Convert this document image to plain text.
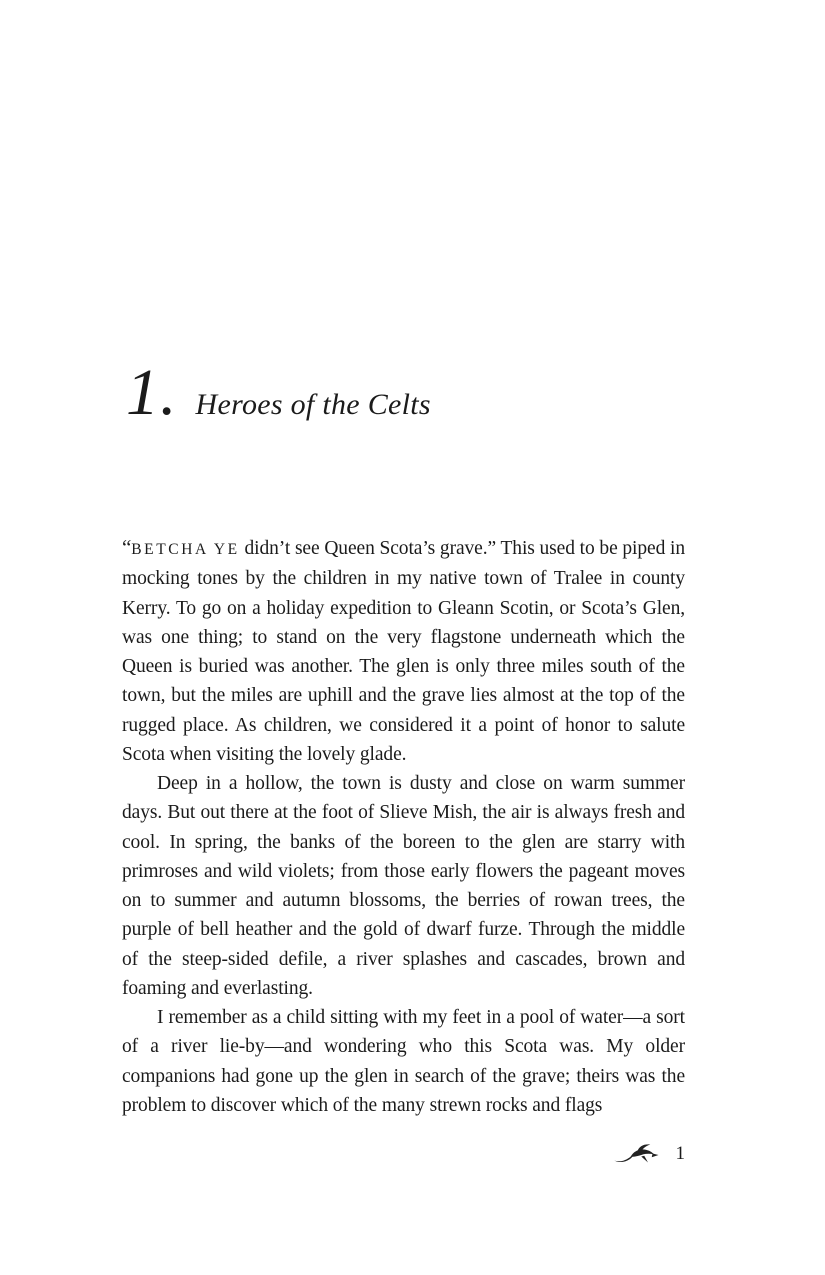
1. Heroes of the Celts

“BETCHA YE didn’t see Queen Scota’s grave.” This used to be piped in mocking tones by the children in my native town of Tralee in county Kerry. To go on a holiday expedition to Gleann Scotin, or Scota’s Glen, was one thing; to stand on the very flagstone underneath which the Queen is buried was another. The glen is only three miles south of the town, but the miles are uphill and the grave lies almost at the top of the rugged place. As children, we considered it a point of honor to salute Scota when visiting the lovely glade.

Deep in a hollow, the town is dusty and close on warm summer days. But out there at the foot of Slieve Mish, the air is always fresh and cool. In spring, the banks of the boreen to the glen are starry with primroses and wild violets; from those early flowers the pageant moves on to summer and autumn blossoms, the berries of rowan trees, the purple of bell heather and the gold of dwarf furze. Through the middle of the steep-sided defile, a river splashes and cascades, brown and foaming and everlasting.

I remember as a child sitting with my feet in a pool of water—a sort of a river lie-by—and wondering who this Scota was. My older companions had gone up the glen in search of the grave; theirs was the problem to discover which of the many strewn rocks and flags

1
